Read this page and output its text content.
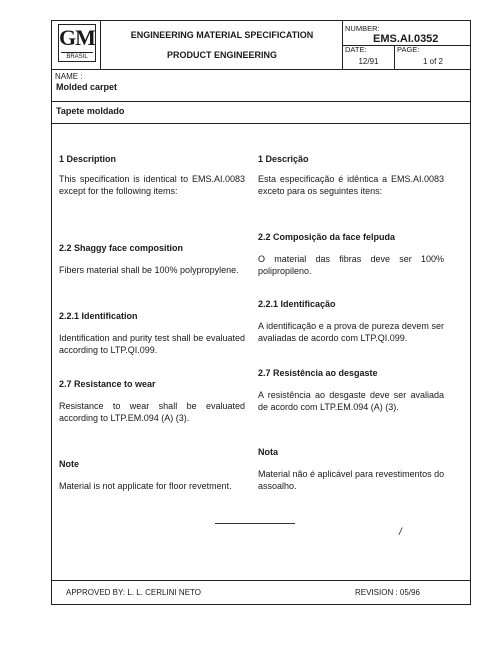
GM
BRASIL
ENGINEERING MATERIAL SPECIFICATION
PRODUCT ENGINEERING
NUMBER:
EMS.AI.0352
DATE:
12/91
PAGE:
1 of 2
NAME :
Molded carpet
Tapete moldado
1 Description
This specification is identical to EMS.AI.0083 except for the following items:
2.2 Shaggy face composition
Fibers material shall be 100% polypropylene.
2.2.1 Identification
Identification and purity test shall be evaluated according to LTP.QI.099.
2.7 Resistance to wear
Resistance to wear shall be evaluated according to LTP.EM.094 (A) (3).
Note
Material is not applicate for floor revetment.
1 Descrição
Esta especificação é idêntica a EMS.AI.0083 exceto para os seguintes itens:
2.2 Composição da face felpuda
O material das fibras deve ser 100% polipropileno.
2.2.1 Identificação
A identificação e a prova de pureza devem ser avaliadas de acordo com LTP.QI.099.
2.7 Resistência ao desgaste
A resistência ao desgaste deve ser avaliada de acordo com LTP.EM.094 (A) (3).
Nota
Material não é aplicável para revestimentos do assoalho.
/
APPROVED BY: L. L. CERLINI NETO	REVISION : 05/96
